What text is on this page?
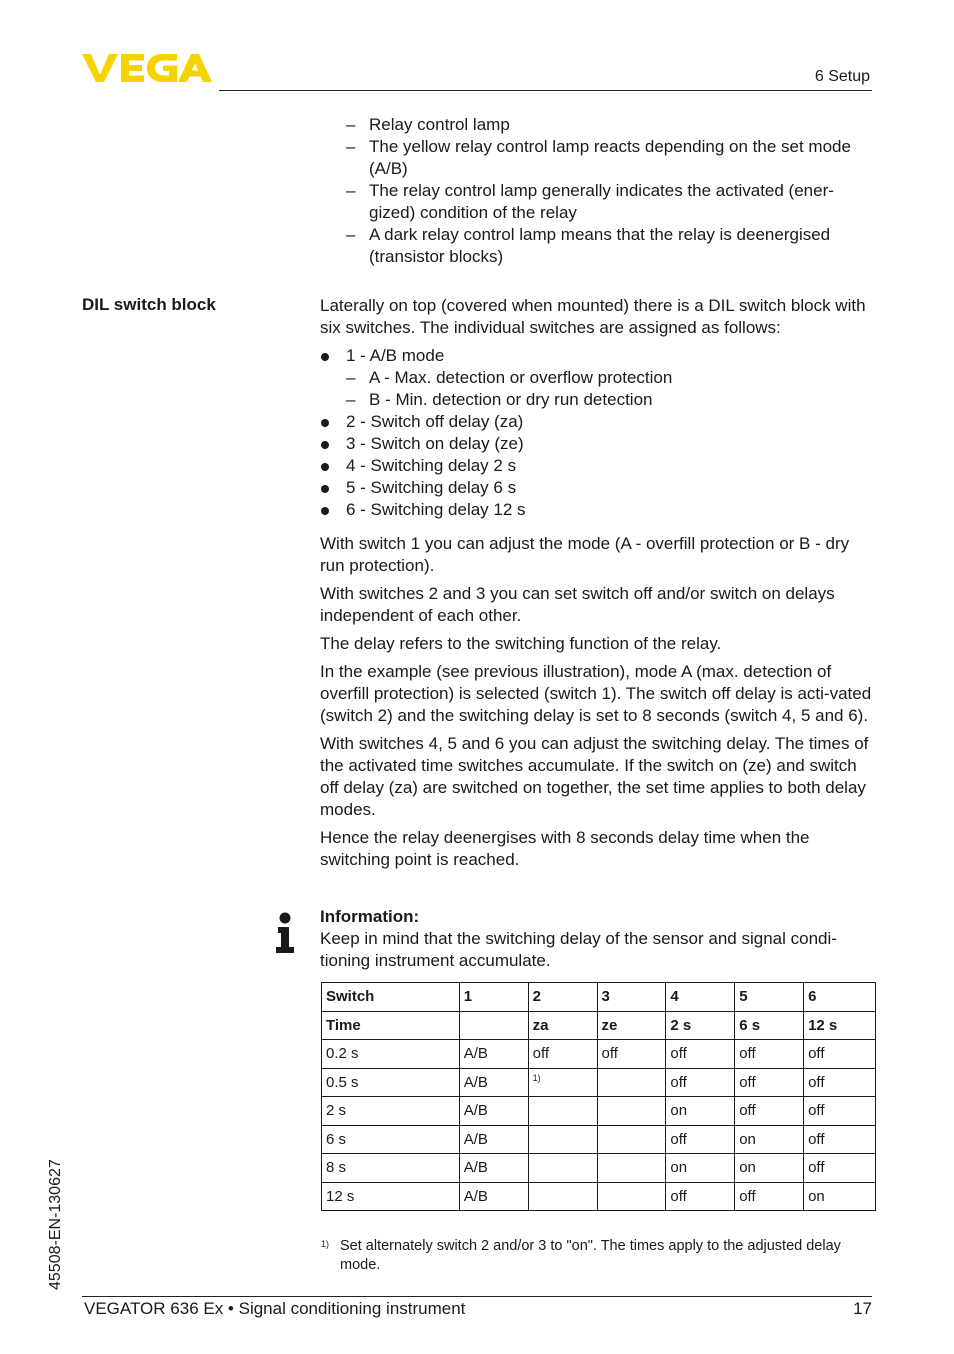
6 Setup
– Relay control lamp
– The yellow relay control lamp reacts depending on the set mode (A/B)
– The relay control lamp generally indicates the activated (ener-gized) condition of the relay
– A dark relay control lamp means that the relay is deenergised (transistor blocks)
DIL switch block	Laterally on top (covered when mounted) there is a DIL switch block with six switches. The individual switches are assigned as follows:

1 - A/B mode
– A - Max. detection or overflow protection
– B - Min. detection or dry run detection
2 - Switch off delay (za)
3 - Switch on delay (ze)
4 - Switching delay 2 s
5 - Switching delay 6 s
6 - Switching delay 12 s

With switch 1 you can adjust the mode (A - overfill protection or B - dry run protection).

With switches 2 and 3 you can set switch off and/or switch on delays independent of each other.

The delay refers to the switching function of the relay.

In the example (see previous illustration), mode A (max. detection of overfill protection) is selected (switch 1). The switch off delay is acti-vated (switch 2) and the switching delay is set to 8 seconds (switch 4, 5 and 6).

With switches 4, 5 and 6 you can adjust the switching delay. The times of the activated time switches accumulate. If the switch on (ze) and switch off delay (za) are switched on together, the set time applies to both delay modes.

Hence the relay deenergises with 8 seconds delay time when the switching point is reached.

Information:
Keep in mind that the switching delay of the sensor and signal condi-tioning instrument accumulate.
Switch	1	2	3	4	5	6
Time		za	ze	2 s	6 s	12 s
0.2 s	A/B	off	off	off	off	off
0.5 s	A/B	$^{1)}$		off	off	off
2 s	A/B			on	off	off
6 s	A/B			off	on	off
8 s	A/B			on	on	off
12 s	A/B			off	off	on
1) Set alternately switch 2 and/or 3 to "on". The times apply to the adjusted delay mode.
45508-EN-130627
VEGATOR 636 Ex • Signal conditioning instrument	17
